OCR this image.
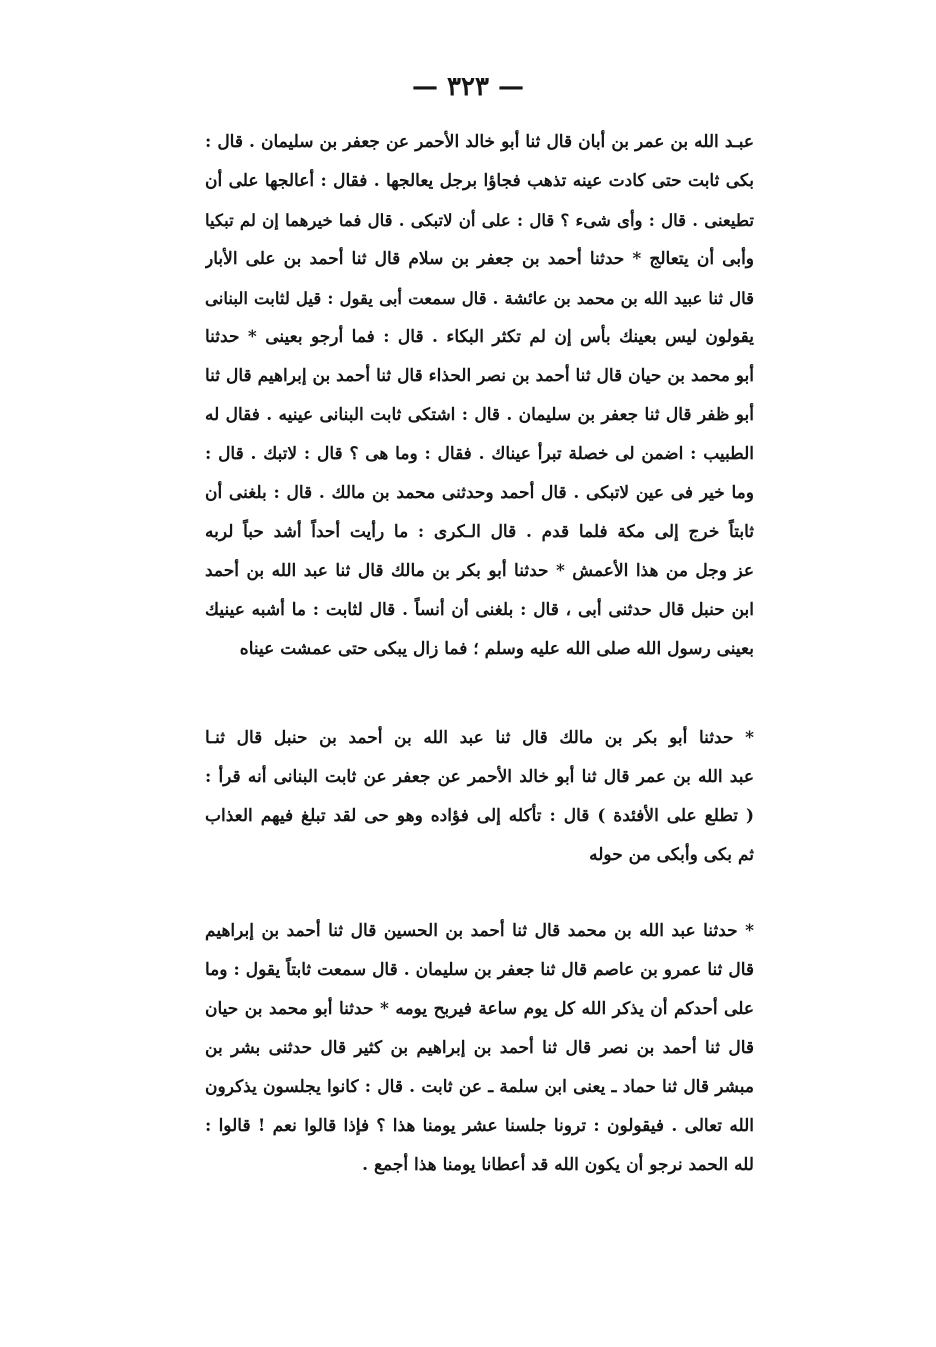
— ٣٢٣ —
عبـد الله بن عمر بن أبان قال ثنا أبو خالد الأحمر عن جعفر بن سليمان . قال :
بكى ثابت حتى كادت عينه تذهب فجاؤا برجل يعالجها . فقال : أعالجها على أن
تطيعنى . قال : وأى شىء ؟ قال : على أن لاتبكى . قال فما خيرهما إن لم تبكيا
وأبى أن يتعالج * حدثنا أحمد بن جعفر بن سلام قال ثنا أحمد بن على الأبار
قال ثنا عبيد الله بن محمد بن عائشة . قال سمعت أبى يقول : قيل لثابت البنانى
يقولون ليس بعينك بأس إن لم تكثر البكاء . قال : فما أرجو بعينى * حدثنا
أبو محمد بن حيان قال ثنا أحمد بن نصر الحذاء قال ثنا أحمد بن إبراهيم قال ثنا
أبو ظفر قال ثنا جعفر بن سليمان . قال : اشتكى ثابت البنانى عينيه . فقال له
الطبيب : اضمن لى خصلة تبرأ عيناك . فقال : وما هى ؟ قال : لاتبك . قال :
وما خير فى عين لاتبكى . قال أحمد وحدثنى محمد بن مالك . قال : بلغنى أن
ثابتاً خرج إلى مكة فلما قدم . قال الـكرى : ما رأيت أحداً أشد حباً لربه
عز وجل من هذا الأعمش * حدثنا أبو بكر بن مالك قال ثنا عبد الله بن أحمد
ابن حنبل قال حدثنى أبى ، قال : بلغنى أن أنساً . قال لثابت : ما أشبه عينيك
بعينى رسول الله صلى الله عليه وسلم ؛ فما زال يبكى حتى عمشت عيناه
* حدثنا أبو بكر بن مالك قال ثنا عبد الله بن أحمد بن حنبل قال ثنـا
عبد الله بن عمر قال ثنا أبو خالد الأحمر عن جعفر عن ثابت البنانى أنه قرأ :
( تطلع على الأفئدة ) قال : تأكله إلى فؤاده وهو حى لقد تبلغ فيهم العذاب
ثم بكى وأبكى من حوله
* حدثنا عبد الله بن محمد قال ثنا أحمد بن الحسين قال ثنا أحمد بن إبراهيم
قال ثنا عمرو بن عاصم قال ثنا جعفر بن سليمان . قال سمعت ثابتاً يقول : وما
على أحدكم أن يذكر الله كل يوم ساعة فيربح يومه * حدثنا أبو محمد بن حيان
قال ثنا أحمد بن نصر قال ثنا أحمد بن إبراهيم بن كثير قال حدثنى بشر بن
مبشر قال ثنا حماد ـ يعنى ابن سلمة ـ عن ثابت . قال : كانوا يجلسون يذكرون
الله تعالى . فيقولون : ترونا جلسنا عشر يومنا هذا ؟ فإذا قالوا نعم ! قالوا :
لله الحمد نرجو أن يكون الله قد أعطانا يومنا هذا أجمع .
